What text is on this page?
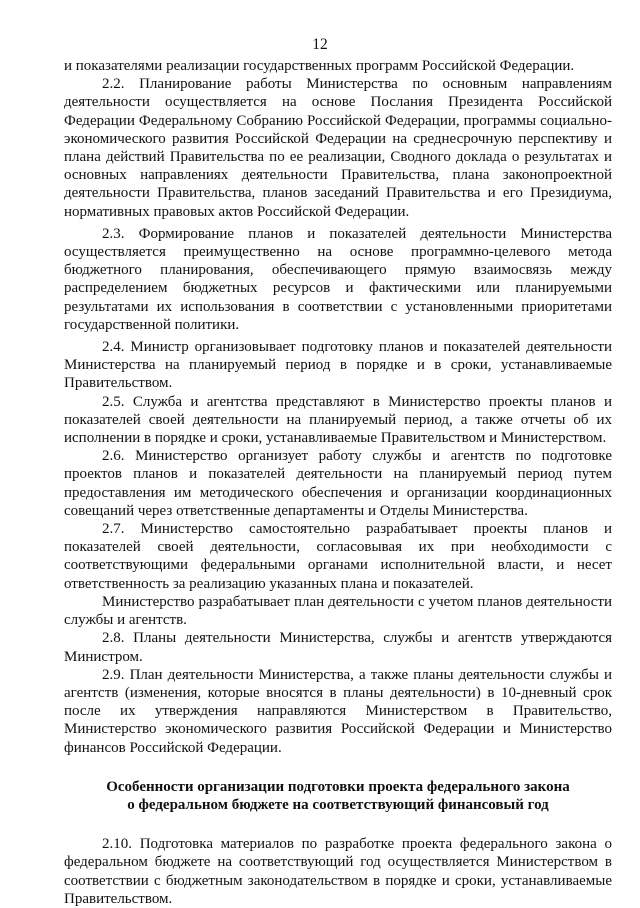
12

и показателями реализации государственных программ Российской Федерации.

2.2. Планирование работы Министерства по основным направлениям деятельности осуществляется на основе Послания Президента Российской Федерации Федеральному Собранию Российской Федерации, программы социально-экономического развития Российской Федерации на среднесрочную перспективу и плана действий Правительства по ее реализации, Сводного доклада о результатах и основных направлениях деятельности Правительства, плана законопроектной деятельности Правительства, планов заседаний Правительства и его Президиума, нормативных правовых актов Российской Федерации.

2.3. Формирование планов и показателей деятельности Министерства осуществляется преимущественно на основе программно-целевого метода бюджетного планирования, обеспечивающего прямую взаимосвязь между распределением бюджетных ресурсов и фактическими или планируемыми результатами их использования в соответствии с установленными приоритетами государственной политики.

2.4. Министр организовывает подготовку планов и показателей деятельности Министерства на планируемый период в порядке и в сроки, устанавливаемые Правительством.

2.5. Служба и агентства представляют в Министерство проекты планов и показателей своей деятельности на планируемый период, а также отчеты об их исполнении в порядке и сроки, устанавливаемые Правительством и Министерством.

2.6. Министерство организует работу службы и агентств по подготовке проектов планов и показателей деятельности на планируемый период путем предоставления им методического обеспечения и организации координационных совещаний через ответственные департаменты и Отделы Министерства.

2.7. Министерство самостоятельно разрабатывает проекты планов и показателей своей деятельности, согласовывая их при необходимости с соответствующими федеральными органами исполнительной власти, и несет ответственность за реализацию указанных плана и показателей.

Министерство разрабатывает план деятельности с учетом планов деятельности службы и агентств.

2.8. Планы деятельности Министерства, службы и агентств утверждаются Министром.

2.9. План деятельности Министерства, а также планы деятельности службы и агентств (изменения, которые вносятся в планы деятельности) в 10-дневный срок после их утверждения направляются Министерством в Правительство, Министерство экономического развития Российской Федерации и Министерство финансов Российской Федерации.

Особенности организации подготовки проекта федерального закона
о федеральном бюджете на соответствующий финансовый год

2.10. Подготовка материалов по разработке проекта федерального закона о федеральном бюджете на соответствующий год осуществляется Министерством в соответствии с бюджетным законодательством в порядке и сроки, устанавливаемые Правительством.
